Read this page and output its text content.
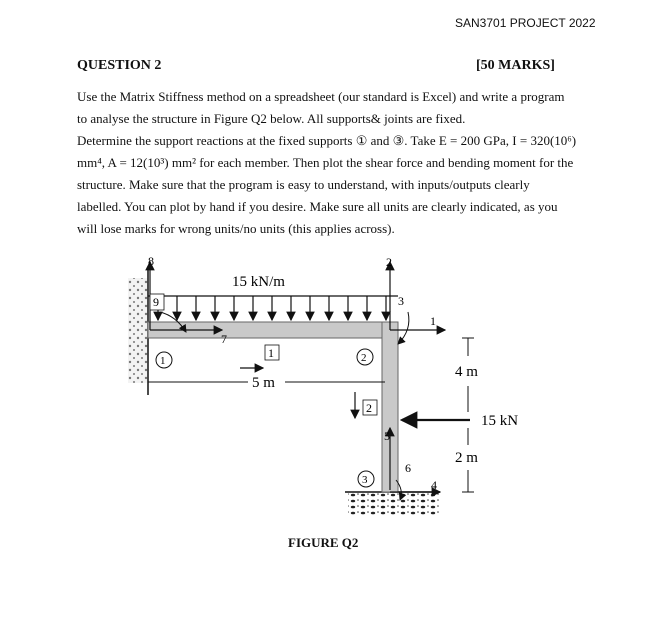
SAN3701 PROJECT 2022
QUESTION 2	[50 MARKS]

Use the Matrix Stiffness method on a spreadsheet (our standard is Excel) and write a program to analyse the structure in Figure Q2 below. All supports& joints are fixed.

Determine the support reactions at the fixed supports ① and ③. Take E = 200 GPa, I = 320(10⁶) mm⁴, A = 12(10³) mm² for each member. Then plot the shear force and bending moment for the structure. Make sure that the program is easy to understand, with inputs/outputs clearly labelled. You can plot by hand if you desire. Make sure all units are clearly indicated, as you will lose marks for wrong units/no units (this applies across).

15 kN/m
8
9
7
1
1
5 m
2
2
3
1
2
15 kN
4 m
2 m
5
6
4
3
FIGURE Q2
